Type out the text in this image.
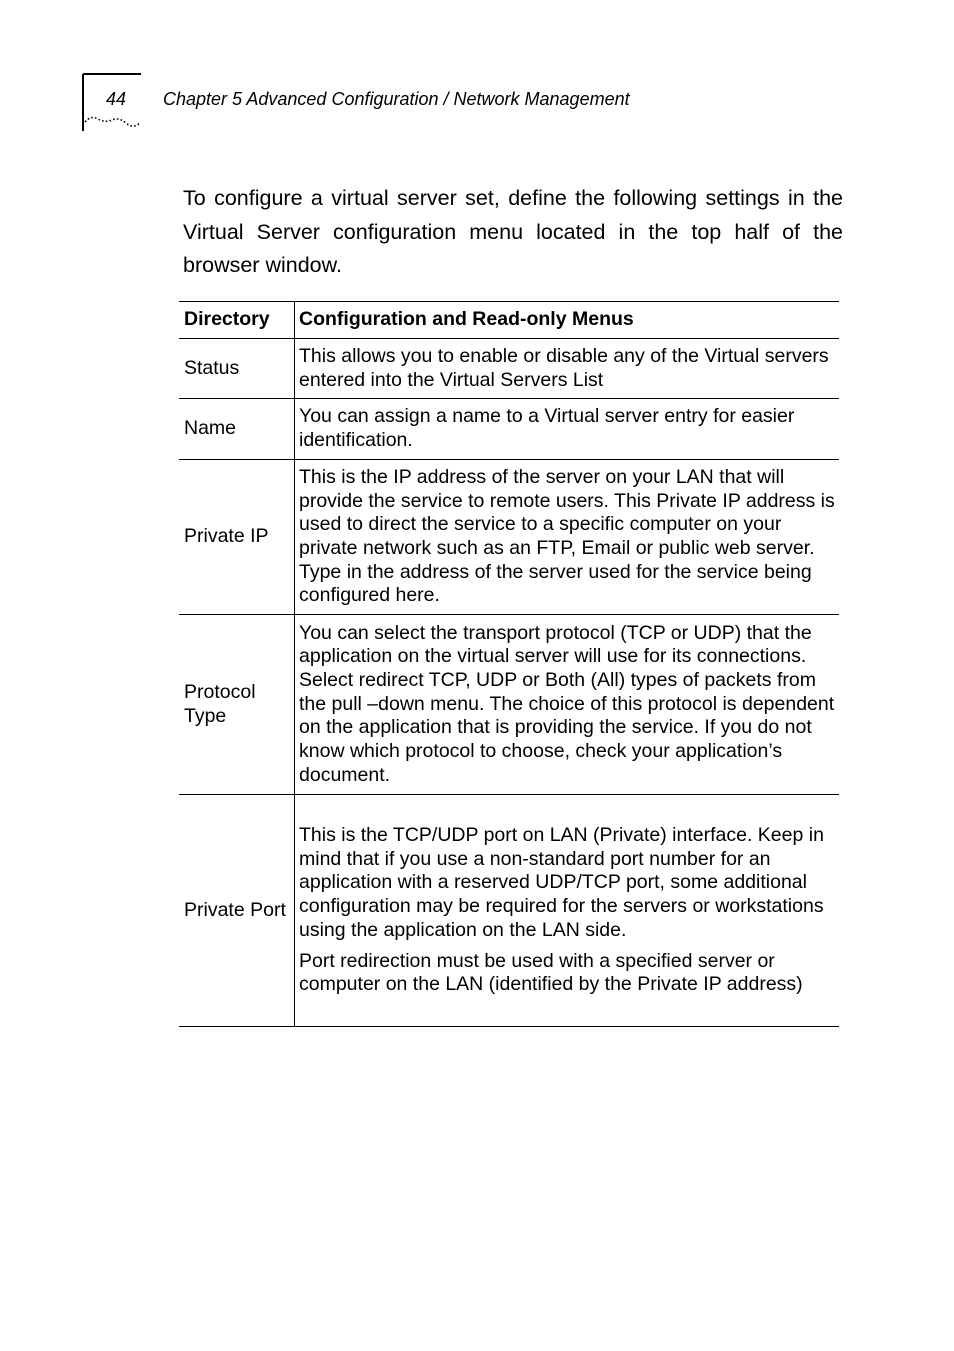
44 Chapter 5 Advanced Configuration / Network Management

To configure a virtual server set, define the following settings in the Virtual Server configuration menu located in the top half of the browser window.

Directory	Configuration and Read-only Menus
Status	This allows you to enable or disable any of the Virtual servers entered into the Virtual Servers List

Name	You can assign a name to a Virtual server entry for easier identification.

Private IP	This is the IP address of the server on your LAN that will provide the service to remote users. This Private IP address is used to direct the service to a specific computer on your private network such as an FTP, Email or public web server. Type in the address of the server used for the service being configured here.

Protocol Type	You can select the transport protocol (TCP or UDP) that the application on the virtual server will use for its connections. Select redirect TCP, UDP or Both (All) types of packets from the pull –down menu. The choice of this protocol is dependent on the application that is providing the service. If you do not know which protocol to choose, check your application’s document.

Private Port	This is the TCP/UDP port on LAN (Private) interface. Keep in mind that if you use a non-standard port number for an application with a reserved UDP/TCP port, some additional configuration may be required for the servers or workstations using the application on the LAN side.
Port redirection must be used with a specified server or computer on the LAN (identified by the Private IP address)
